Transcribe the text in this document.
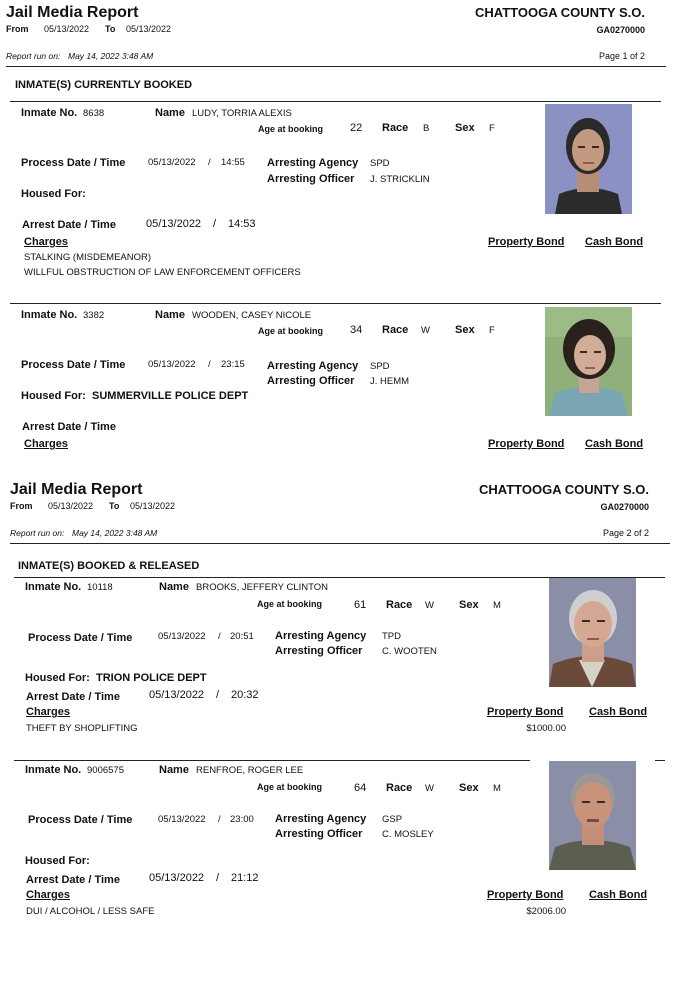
Jail Media Report
From 05/13/2022 To 05/13/2022
CHATTOOGA COUNTY S.O.
GA0270000
Report run on: May 14, 2022 3:48 AM	Page 1 of 2
INMATE(S) CURRENTLY BOOKED
Inmate No. 8638	Name LUDY, TORRIA ALEXIS
Age at booking 22 Race B Sex F
Process Date / Time 05/13/2022 / 14:55 Arresting Agency SPD
Arresting Officer J. STRICKLIN
Housed For:
Arrest Date / Time	05/13/2022 / 14:53
Charges	Property Bond Cash Bond
STALKING (MISDEMEANOR)
WILLFUL OBSTRUCTION OF LAW ENFORCEMENT OFFICERS
Inmate No. 3382	Name WOODEN, CASEY NICOLE
Age at booking 34 Race W Sex F
Process Date / Time 05/13/2022 / 23:15 Arresting Agency SPD
Arresting Officer J. HEMM
Housed For: SUMMERVILLE POLICE DEPT
Arrest Date / Time
Charges	Property Bond Cash Bond
Jail Media Report
From 05/13/2022 To 05/13/2022
CHATTOOGA COUNTY S.O.
GA0270000
Report run on: May 14, 2022 3:48 AM	Page 2 of 2
INMATE(S) BOOKED & RELEASED
Inmate No. 10118	Name BROOKS, JEFFERY CLINTON
Age at booking	61 Race W Sex M
Process Date / Time	05/13/2022 / 20:51 Arresting Agency TPD
Arresting Officer C. WOOTEN
Housed For: TRION POLICE DEPT
Arrest Date / Time	05/13/2022 / 20:32
Charges	Property Bond Cash Bond
THEFT BY SHOPLIFTING	$1000.00
Inmate No. 9006575	Name RENFROE, ROGER LEE
Age at booking	64 Race W Sex M
Process Date / Time	05/13/2022 / 23:00 Arresting Agency GSP
Arresting Officer C. MOSLEY
Housed For:
Arrest Date / Time	05/13/2022 / 21:12
Charges	Property Bond Cash Bond
DUI / ALCOHOL / LESS SAFE	$2006.00
